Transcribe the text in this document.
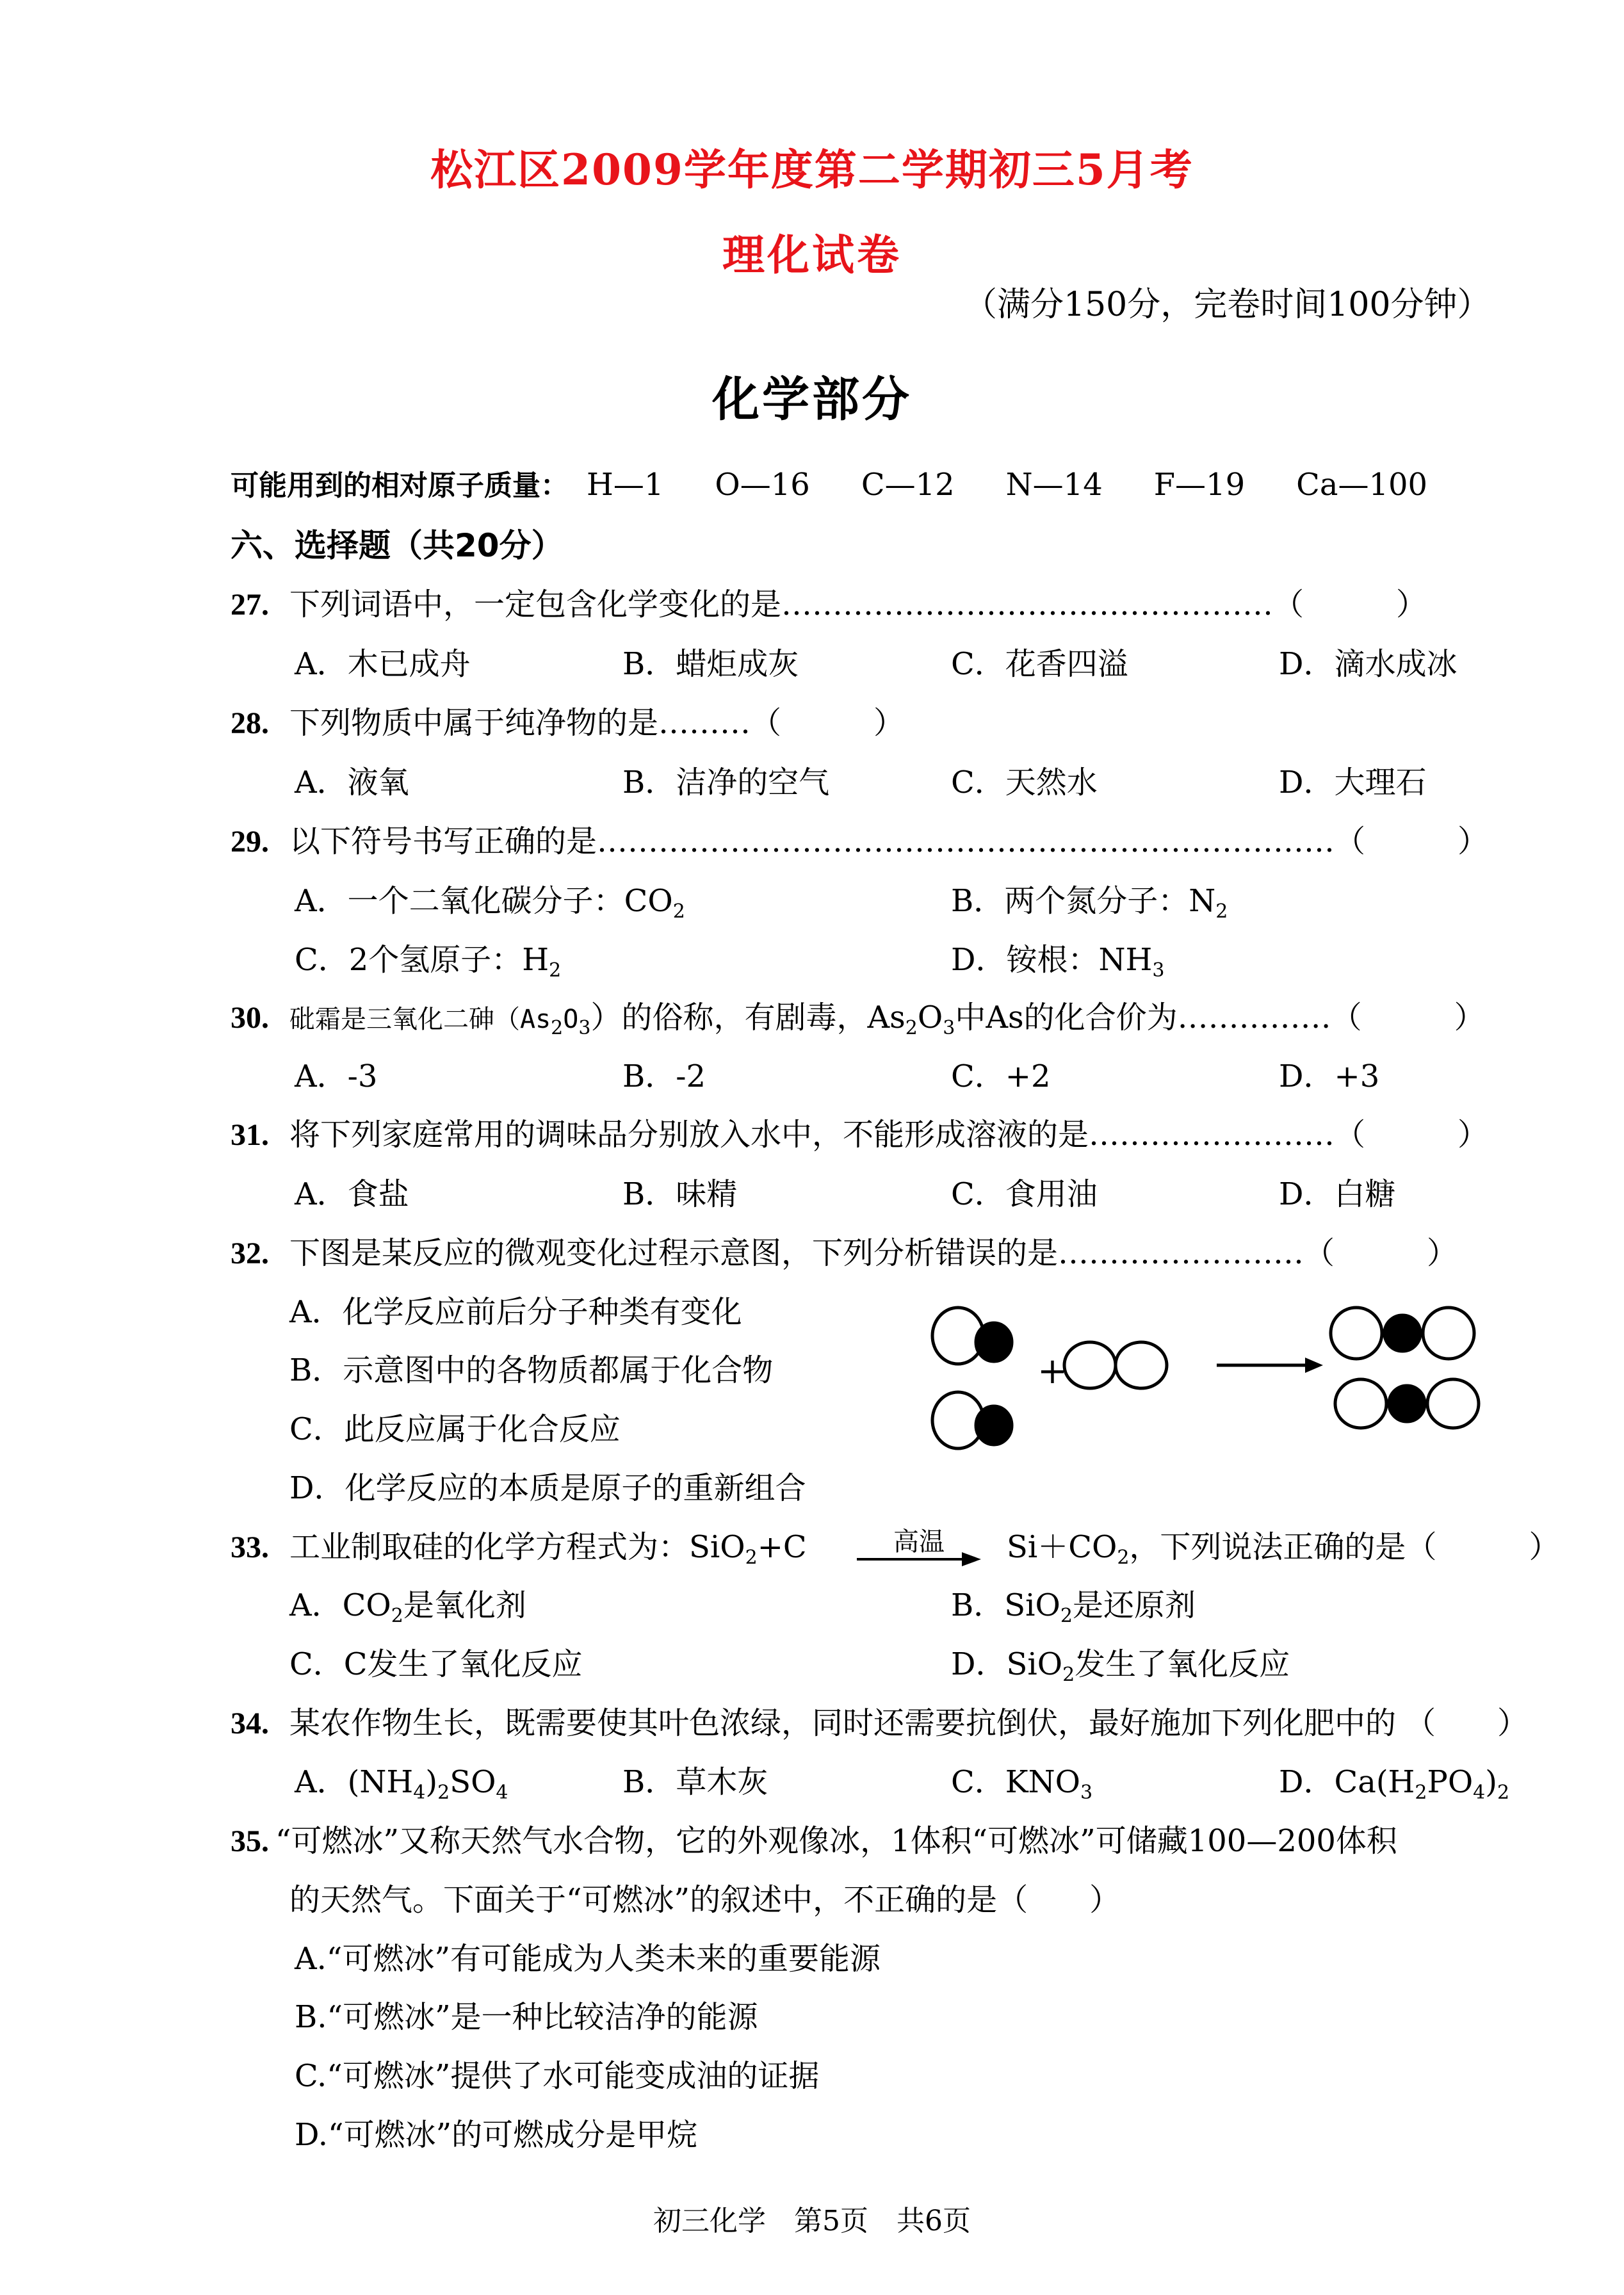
松江区2009学年度第二学期初三5月考
理化试卷
（满分150分，完卷时间100分钟）
化学部分
可能用到的相对原子质量： H—1 O—16 C—12 N—14 F—19 Ca—100
六、选择题（共20分）
27. 下列词语中，一定包含化学变化的是…………………………………………（　　　）
A．木已成舟	B．蜡炬成灰	C．花香四溢	D．滴水成冰
28. 下列物质中属于纯净物的是………（　　　）
A．液氧	B．洁净的空气	C．天然水	D．大理石
29. 以下符号书写正确的是………………………………………………………………（　　　）
A．一个二氧化碳分子：$CO_2$	B．两个氮分子：$N_2$
C．2个氢原子：$H_2$	D．铵根：$NH_3$
30. 砒霜是三氧化二砷$(As_2O_3)$的俗称，有剧毒，$As_2O_3$中As的化合价为……………（　　　）
A．-3	B．-2	C．+2	D．+3
31. 将下列家庭常用的调味品分别放入水中，不能形成溶液的是……………………（　　　）
A．食盐	B．味精	C．食用油	D．白糖
32. 下图是某反应的微观变化过程示意图，下列分析错误的是……………………（　　　）
A．化学反应前后分子种类有变化
B．示意图中的各物质都属于化合物
C．此反应属于化合反应
D．化学反应的本质是原子的重新组合
+
33. 工业制取硅的化学方程式为：SiO$_2$+C	高温	$Si+CO_2$，下列说法正确的是（　　　）
A．$CO_2$是氧化剂	B．SiO$_2$是还原剂
C．C发生了氧化反应	D．SiO$_2$发生了氧化反应
34. 某农作物生长，既需要使其叶色浓绿，同时还需要抗倒伏，最好施加下列化肥中的 （　　）
A．$(NH_4)_2SO_4$	B．草木灰	C．$KNO_3$	D．$Ca(H_2PO_4)_2$
35. “可燃冰”又称天然气水合物，它的外观像冰，1体积“可燃冰”可储藏100—200体积
的天然气。下面关于“可燃冰”的叙述中，不正确的是（　　）
A.“可燃冰”有可能成为人类未来的重要能源
B.“可燃冰”是一种比较洁净的能源
C.“可燃冰”提供了水可能变成油的证据
D.“可燃冰”的可燃成分是甲烷
初三化学　第5页　共6页
